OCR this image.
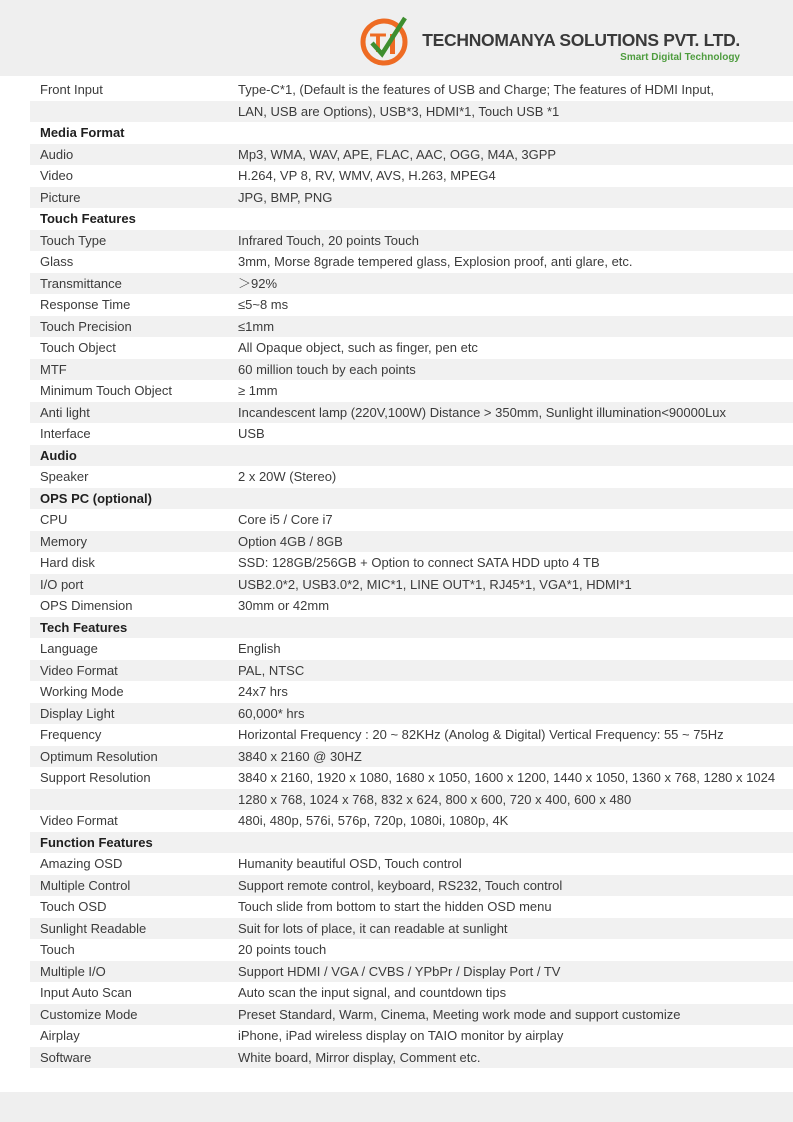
T TECHNOMANYA SOLUTIONS PVT. LTD.
Smart Digital Technology
Front Input	Type-C*1, (Default is the features of USB and Charge; The features of HDMI Input,
LAN, USB are Options), USB*3, HDMI*1, Touch USB *1
Media Format
Audio	Mp3, WMA, WAV, APE, FLAC, AAC, OGG, M4A, 3GPP
Video	H.264, VP 8, RV, WMV, AVS, H.263, MPEG4
Picture	JPG, BMP, PNG
Touch Features
Touch Type	Infrared Touch, 20 points Touch
Glass	3mm, Morse 8grade tempered glass, Explosion proof, anti glare, etc.
Transmittance	＞92%
Response Time	≤5~8 ms
Touch Precision	≤1mm
Touch Object	All Opaque object, such as finger, pen etc
MTF	60 million touch by each points
Minimum Touch Object	≥ 1mm
Anti light	Incandescent lamp (220V,100W) Distance > 350mm, Sunlight illumination<90000Lux
Interface	USB
Audio
Speaker	2 x 20W (Stereo)
OPS PC (optional)
CPU	Core i5 / Core i7
Memory	Option 4GB / 8GB
Hard disk	SSD: 128GB/256GB + Option to connect SATA HDD upto 4 TB
I/O port	USB2.0*2, USB3.0*2, MIC*1, LINE OUT*1, RJ45*1, VGA*1, HDMI*1
OPS Dimension	30mm or 42mm
Tech Features
Language	English
Video Format	PAL, NTSC
Working Mode	24x7 hrs
Display Light	60,000* hrs
Frequency	Horizontal Frequency : 20 ~ 82KHz (Anolog & Digital) Vertical Frequency: 55 ~ 75Hz
Optimum Resolution	3840 x 2160 @ 30HZ
Support Resolution	3840 x 2160, 1920 x 1080, 1680 x 1050, 1600 x 1200, 1440 x 1050, 1360 x 768, 1280 x 1024
1280 x 768, 1024 x 768, 832 x 624, 800 x 600, 720 x 400, 600 x 480
Video Format	480i, 480p, 576i, 576p, 720p, 1080i, 1080p, 4K
Function Features
Amazing OSD	Humanity beautiful OSD, Touch control
Multiple Control	Support remote control, keyboard, RS232, Touch control
Touch OSD	Touch slide from bottom to start the hidden OSD menu
Sunlight Readable	Suit for lots of place, it can readable at sunlight
Touch	20 points touch
Multiple I/O	Support HDMI / VGA / CVBS / YPbPr / Display Port / TV
Input Auto Scan	Auto scan the input signal, and countdown tips
Customize Mode	Preset Standard, Warm, Cinema, Meeting work mode and support customize
Airplay	iPhone, iPad wireless display on TAIO monitor by airplay
Software	White board, Mirror display, Comment etc.
